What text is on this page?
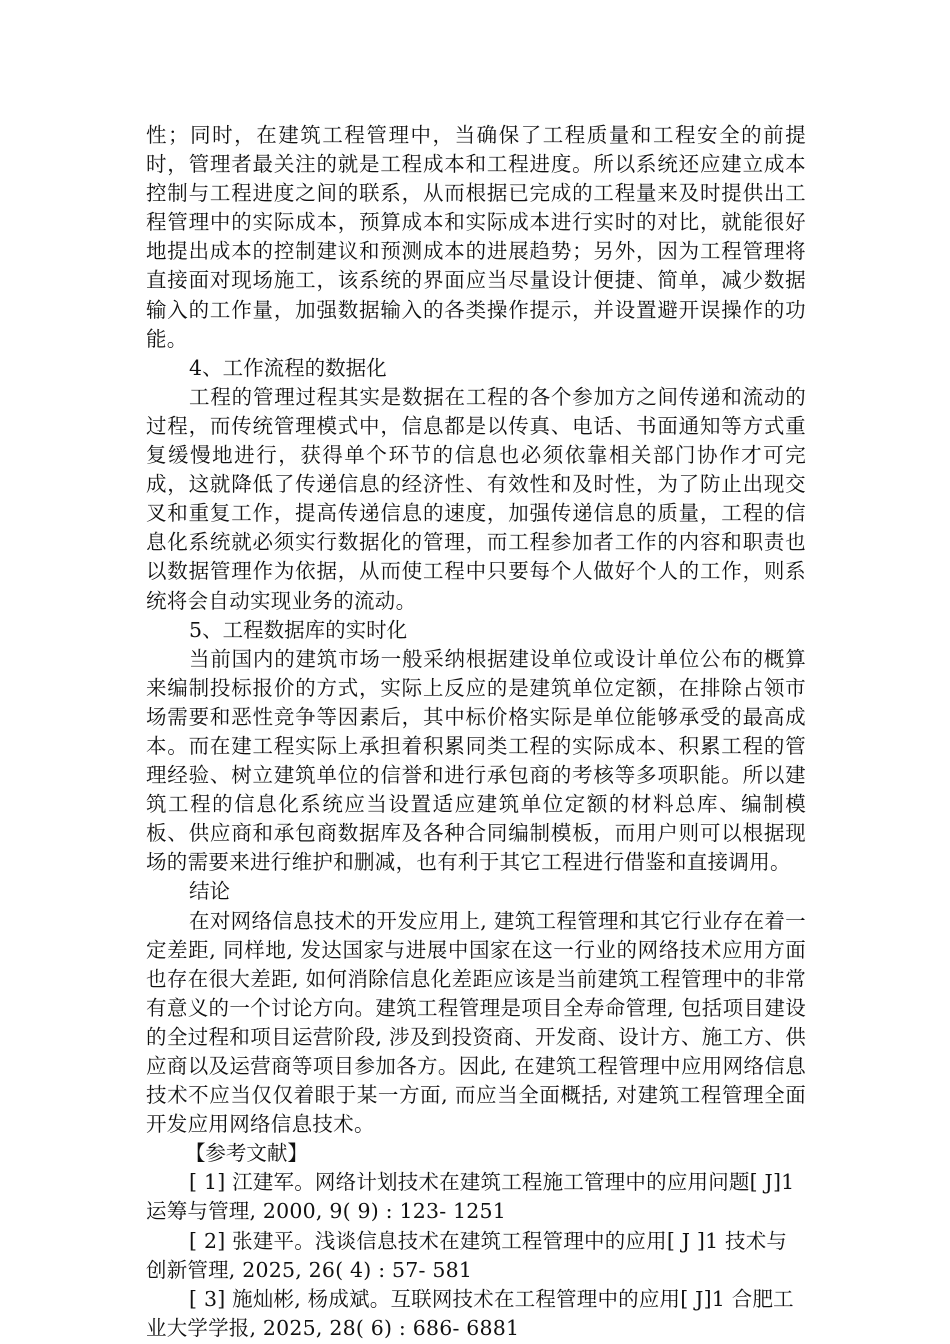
性；同时，在建筑工程管理中，当确保了工程质量和工程安全的前提时，管理者最关注的就是工程成本和工程进度。所以系统还应建立成本控制与工程进度之间的联系，从而根据已完成的工程量来及时提供出工程管理中的实际成本，预算成本和实际成本进行实时的对比，就能很好地提出成本的控制建议和预测成本的进展趋势；另外，因为工程管理将直接面对现场施工，该系统的界面应当尽量设计便捷、简单，减少数据输入的工作量，加强数据输入的各类操作提示，并设置避开误操作的功能。

4、工作流程的数据化

工程的管理过程其实是数据在工程的各个参加方之间传递和流动的过程，而传统管理模式中，信息都是以传真、电话、书面通知等方式重复缓慢地进行，获得单个环节的信息也必须依靠相关部门协作才可完成，这就降低了传递信息的经济性、有效性和及时性，为了防止出现交叉和重复工作，提高传递信息的速度，加强传递信息的质量，工程的信息化系统就必须实行数据化的管理，而工程参加者工作的内容和职责也以数据管理作为依据，从而使工程中只要每个人做好个人的工作，则系统将会自动实现业务的流动。

5、工程数据库的实时化

当前国内的建筑市场一般采纳根据建设单位或设计单位公布的概算来编制投标报价的方式，实际上反应的是建筑单位定额，在排除占领市场需要和恶性竞争等因素后，其中标价格实际是单位能够承受的最高成本。而在建工程实际上承担着积累同类工程的实际成本、积累工程的管理经验、树立建筑单位的信誉和进行承包商的考核等多项职能。所以建筑工程的信息化系统应当设置适应建筑单位定额的材料总库、编制模板、供应商和承包商数据库及各种合同编制模板，而用户则可以根据现场的需要来进行维护和删减，也有利于其它工程进行借鉴和直接调用。

结论

在对网络信息技术的开发应用上, 建筑工程管理和其它行业存在着一定差距, 同样地, 发达国家与进展中国家在这一行业的网络技术应用方面也存在很大差距, 如何消除信息化差距应该是当前建筑工程管理中的非常有意义的一个讨论方向。建筑工程管理是项目全寿命管理, 包括项目建设的全过程和项目运营阶段, 涉及到投资商、开发商、设计方、施工方、供应商以及运营商等项目参加各方。因此, 在建筑工程管理中应用网络信息技术不应当仅仅着眼于某一方面, 而应当全面概括, 对建筑工程管理全面开发应用网络信息技术。

【参考文献】

[ 1] 江建军。网络计划技术在建筑工程施工管理中的应用问题[ J]1 运筹与管理, 2000, 9( 9) : 123- 1251

[ 2] 张建平。浅谈信息技术在建筑工程管理中的应用[ J ]1 技术与创新管理, 2025, 26( 4) : 57- 581

[ 3] 施灿彬, 杨成斌。互联网技术在工程管理中的应用[ J]1 合肥工业大学学报, 2025, 28( 6) : 686- 6881
